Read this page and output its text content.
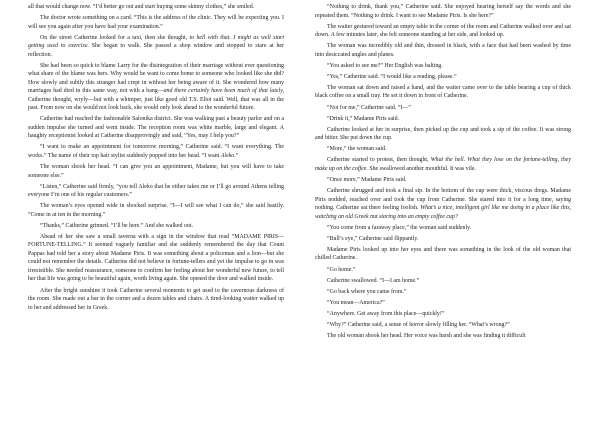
all that would change now. “I’d better go out and start buying some skinny clothes,” she smiled.

The doctor wrote something on a card. “This is the address of the clinic. They will be expecting you. I will see you again after you have had your examination.”

On the street Catherine looked for a taxi, then she thought, to hell with that. I might as well start getting used to exercise. She began to walk. She passed a shop window and stopped to stare at her reflection.

She had been so quick to blame Larry for the disintegration of their marriage without ever questioning what share of the blame was hers. Why would he want to come home to someone who looked like she did? How slowly and subtly this stranger had crept in without her being aware of it. She wondered how many marriages had died in this same way, not with a bang—and there certainly have been much of that lately, Catherine thought, wryly—but with a whimper, just like good old T.S. Eliot said. Well, that was all in the past. From now on she would not look back, she would only look ahead to the wonderful future.

Catherine had reached the fashionable Salonika district. She was walking past a beauty parlor and on a sudden impulse she turned and went inside. The reception room was white marble, large and elegant. A haughty receptionist looked at Catherine disapprovingly and said, “Yes, may I help you?”

“I want to make an appointment for tomorrow morning,” Catherine said. “I want everything. The works.” The name of their top hair stylist suddenly popped into her head. “I want Aleko.”

The woman shook her head. “I can give you an appointment, Madame, but you will have to take someone else.”

“Listen,” Catherine said firmly, “you tell Aleko that he either takes me or I’ll go around Athens telling everyone I’m one of his regular customers.”

The woman’s eyes opened wide in shocked surprise. “I—I will see what I can do,” she said hastily. “Come in at ten in the morning.”

“Thanks,” Catherine grinned. “I’ll be here.” And she walked out.

Ahead of her she saw a small taverna with a sign in the window that read “MADAME PIRIS—FORTUNE-TELLING.” It seemed vaguely familiar and she suddenly remembered the day that Count Pappas had told her a story about Madame Piris. It was something about a policeman and a lion—but she could not remember the details. Catherine did not believe in fortune-tellers and yet the impulse to go in was irresistible. She needed reassurance, someone to confirm her feeling about her wonderful new future, to tell her that life was going to be beautiful again, worth living again. She opened the door and walked inside.

After the bright sunshine it took Catherine several moments to get used to the cavernous darkness of the room. She made out a bar in the corner and a dozen tables and chairs. A tired-looking waiter walked up to her and addressed her in Greek.

“Nothing to drink, thank you,” Catherine said. She enjoyed hearing herself say the words and she repeated them. “Nothing to drink. I want to see Madame Piris. Is she here?”

The waiter gestured toward an empty table in the corner of the room and Catherine walked over and sat down. A few minutes later, she felt someone standing at her side, and looked up.

The woman was incredibly old and thin, dressed in black, with a face that had been washed by time into desiccated angles and planes.

“You asked to see me?” Her English was halting.

“Yes,” Catherine said. “I would like a reading, please.”

The woman sat down and raised a hand, and the waiter came over to the table bearing a cup of thick black coffee on a small tray. He set it down in front of Catherine.

“Not for me,” Catherine said. “I—”

“Drink it,” Madame Piris said.

Catherine looked at her in surprise, then picked up the cup and took a sip of the coffee. It was strong and bitter. She put down the cup.

“More,” the woman said.

Catherine started to protest, then thought, What the hell. What they lose on the fortune-telling, they make up on the coffee. She swallowed another mouthful. It was vile.

“Once more,” Madame Piris said.

Catherine shrugged and took a final sip. In the bottom of the cup were thick, viscous dregs. Madame Piris nodded, reached over and took the cup from Catherine. She stared into it for a long time, saying nothing. Catherine sat there feeling foolish. What’s a nice, intelligent girl like me doing in a place like this, watching an old Greek nut staring into an empty coffee cup?

“You come from a faraway place,” the woman said suddenly.

“Bull’s eye,” Catherine said flippantly.

Madame Piris looked up into her eyes and there was something in the look of the old woman that chilled Catherine.

“Go home.”

Catherine swallowed. “I—I am home.”

“Go back where you came from.”

“You mean—America?”

“Anywhere. Get away from this place—quickly!”

“Why?” Catherine said, a sense of horror slowly filling her. “What’s wrong?”

The old woman shook her head. Her voice was harsh and she was finding it difficult
